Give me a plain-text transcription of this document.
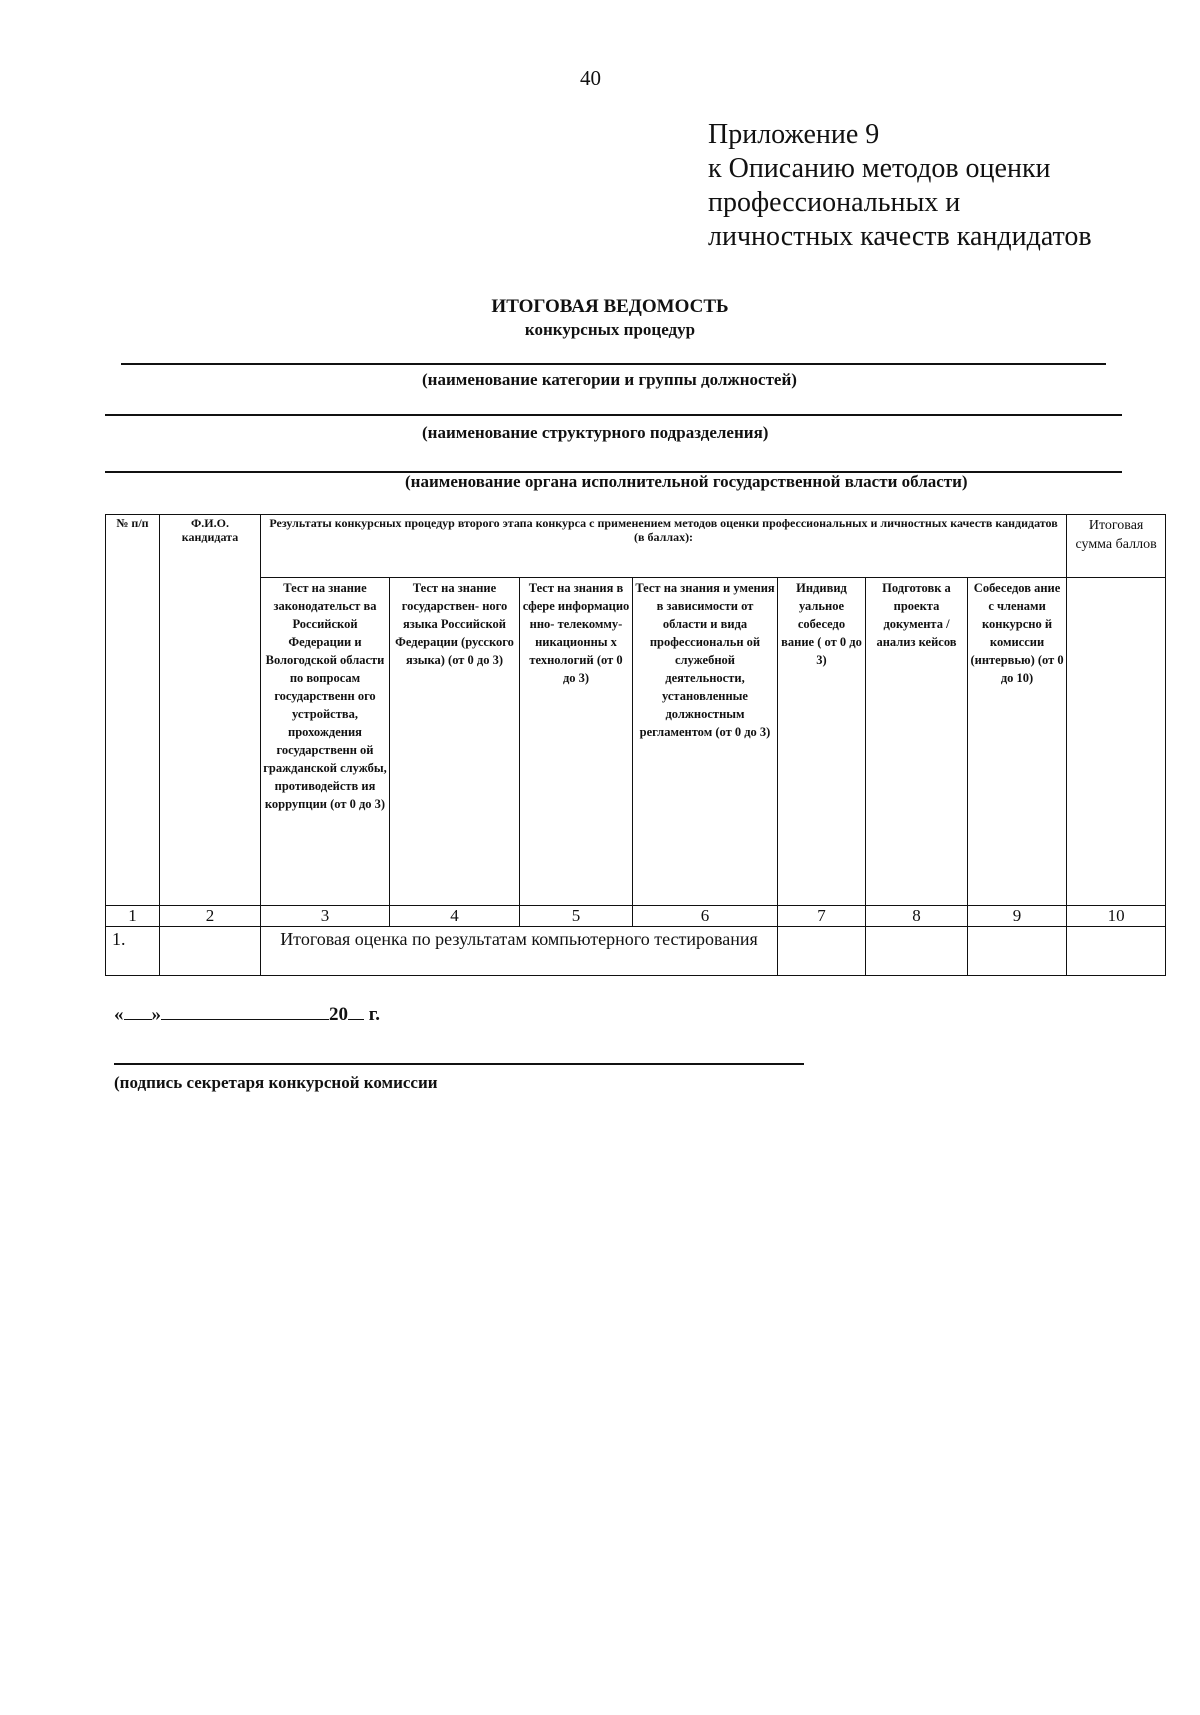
40
Приложение 9
к Описанию методов оценки
профессиональных и
личностных качеств кандидатов
ИТОГОВАЯ ВЕДОМОСТЬ
конкурсных процедур
(наименование категории и группы должностей)
(наименование структурного подразделения)
(наименование органа исполнительной государственной власти области)
№ п/п	Ф.И.О. кандидата	Результаты конкурсных процедур второго этапа конкурса с применением методов оценки профессиональных и личностных качеств кандидатов (в баллах):							Итоговая сумма баллов
		Тест на знание законодательст ва Российской Федерации и Вологодской области по вопросам государственн ого устройства, прохождения государственн ой гражданской службы, противодейств ия коррупции (от 0 до 3)	Тест на знание государствен- ного языка Российской Федерации (русского языка) (от 0 до 3)	Тест на знания в сфере информацио нно- телекомму- никационны х технологий (от 0 до 3)	Тест на знания и умения в зависимости от области и вида профессиональн ой служебной деятельности, установленные должностным регламентом (от 0 до 3)	Индивид уальное собеседо вание ( от 0 до 3)	Подготовк а проекта документа /анализ кейсов	Собеседов ание с членами конкурсно й комиссии (интервью) (от 0 до 10)	
1	2	3	4	5	6	7	8	9	10
1.		Итоговая оценка по результатам компьютерного тестирования							
« »	20 г.
(подпись секретаря конкурсной комиссии
